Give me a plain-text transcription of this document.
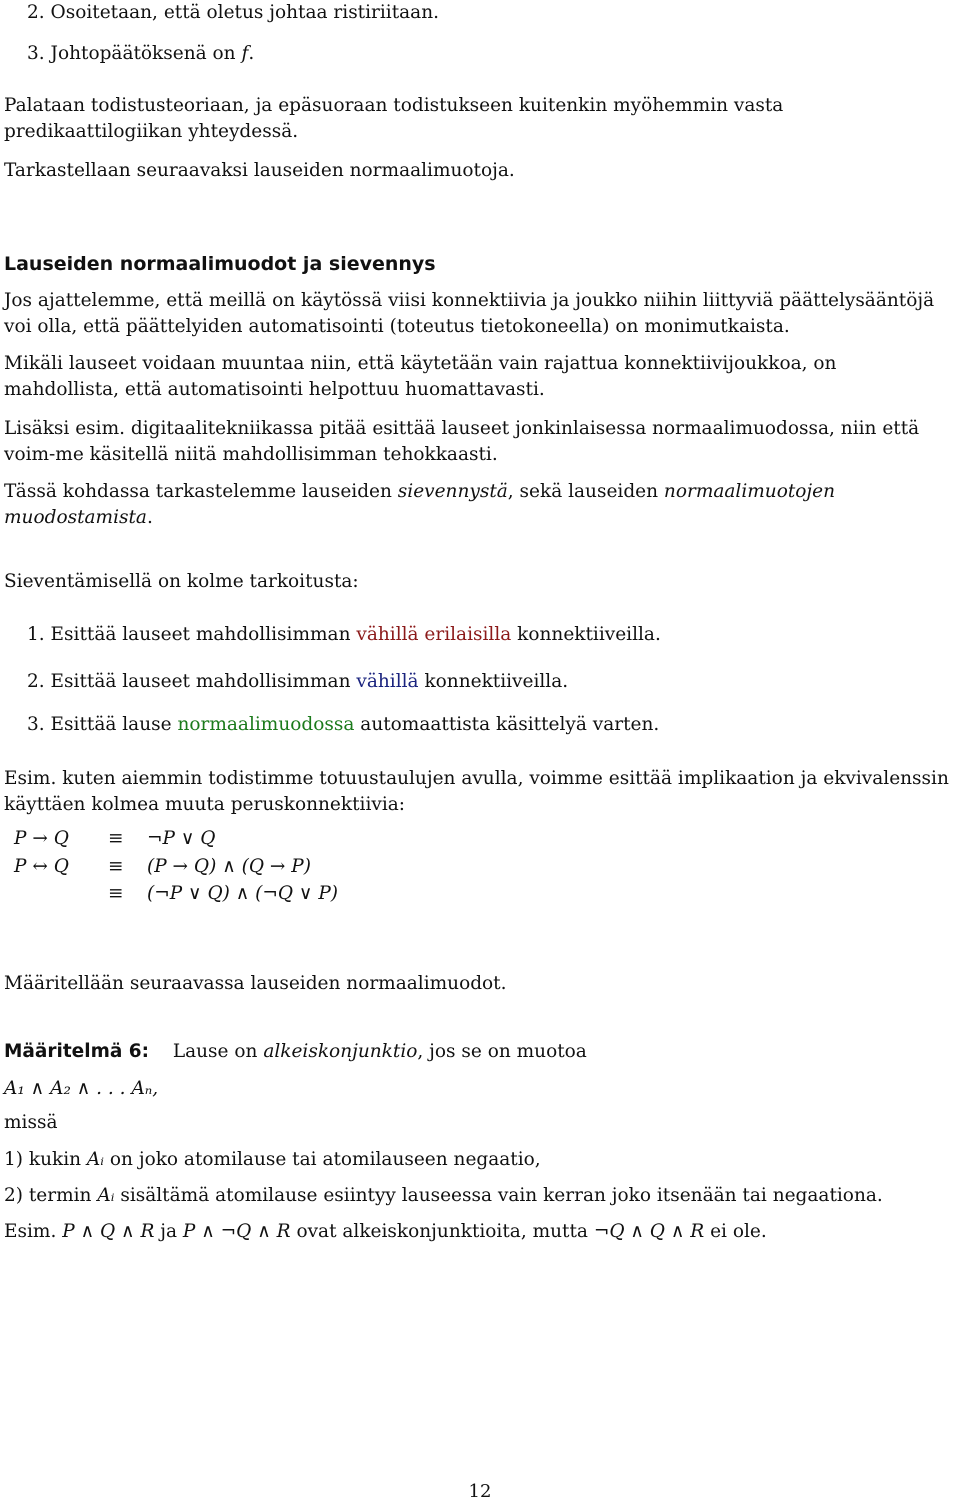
2. Osoitetaan, että oletus johtaa ristiriitaan.

3. Johtopäätöksenä on f.

Palataan todistusteoriaan, ja epäsuoraan todistukseen kuitenkin myöhemmin vasta predikaattilogiikan yhteydessä.

Tarkastellaan seuraavaksi lauseiden normaalimuotoja.

Lauseiden normaalimuodot ja sievennys

Jos ajattelemme, että meillä on käytössä viisi konnektiivia ja joukko niihin liittyviä päättelysääntöjä voi olla, että päättelyiden automatisointi (toteutus tietokoneella) on monimutkaista.

Mikäli lauseet voidaan muuntaa niin, että käytetään vain rajattua konnektiivijoukkoa, on mahdollista, että automatisointi helpottuu huomattavasti.

Lisäksi esim. digitaalitekniikassa pitää esittää lauseet jonkinlaisessa normaalimuodossa, niin että voim-me käsitellä niitä mahdollisimman tehokkaasti.

Tässä kohdassa tarkastelemme lauseiden sievennystä, sekä lauseiden normaalimuotojen muodostamista.

Sieventämisellä on kolme tarkoitusta:

1. Esittää lauseet mahdollisimman vähillä erilaisilla konnektiiveilla.

2. Esittää lauseet mahdollisimman vähillä konnektiiveilla.

3. Esittää lause normaalimuodossa automaattista käsittelyä varten.

Esim. kuten aiemmin todistimme totuustaulujen avulla, voimme esittää implikaation ja ekvivalenssin käyttäen kolmea muuta peruskonnektiivia:

P → Q ≡ ¬P ∨ Q
P ↔ Q ≡ (P → Q) ∧ (Q → P)
≡ (¬P ∨ Q) ∧ (¬Q ∨ P)

Määritellään seuraavassa lauseiden normaalimuodot.

Määritelmä 6: Lause on alkeiskonjunktio, jos se on muotoa

A₁ ∧ A₂ ∧ . . . Aₙ,

missä

1) kukin Aᵢ on joko atomilause tai atomilauseen negaatio,

2) termin Aᵢ sisältämä atomilause esiintyy lauseessa vain kerran joko itsenään tai negaationa.

Esim. P ∧ Q ∧ R ja P ∧ ¬Q ∧ R ovat alkeiskonjunktioita, mutta ¬Q ∧ Q ∧ R ei ole.

12
